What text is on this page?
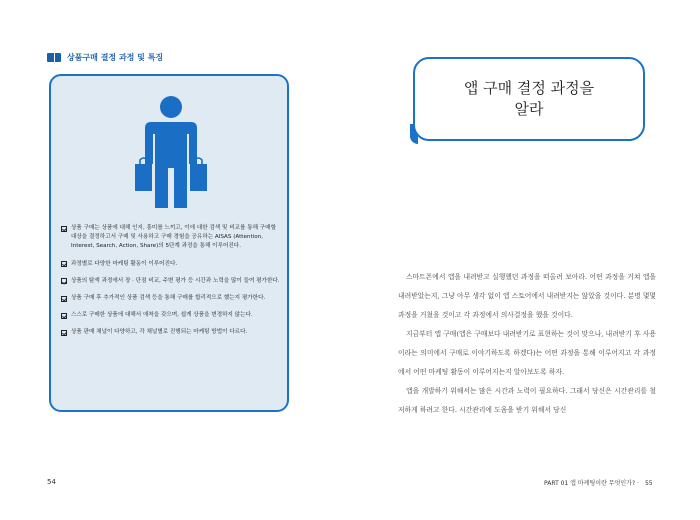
상품구매 결정 과정 및 특징
상품 구매는 상품에 대해 인지, 흥미를 느끼고, 이에 대한 검색 및 비교를 통해 구매할 대상을 결정하고서 구매 및 사용하고 구매 경험을 공유하는 AISAS (Attention, Interest, Search, Action, Share)의 5단계 과정을 통해 이루어진다.
과정별로 다양한 마케팅 활동이 이루어진다.
상품의 탐색 과정에서 장 · 단점 비교, 주변 평가 등 시간과 노력을 많이 들여 평가한다.
상품 구매 후 추가적인 상품 검색 등을 통해 구매를 합리적으로 했는지 평가한다.
스스로 구매한 상품에 대해서 애착을 갖으며, 쉽게 상품을 변경하지 않는다.
상품 판매 채널이 다양하고, 각 채널별로 진행되는 마케팅 방법이 다르다.
54
앱 구매 결정 과정을
알라

스마트폰에서 앱을 내려받고 실행했던 과정을 떠올려 보아라. 어떤 과정을 거쳐 앱을 내려받았는지, 그냥 아무 생각 없이 앱 스토어에서 내려받지는 않았을 것이다. 분명 몇몇 과정을 거쳤을 것이고 각 과정에서 의사결정을 했을 것이다.

지금부터 앱 구매(앱은 구매보다 내려받기로 표현하는 것이 맞으나, 내려받기 후 사용이라는 의미에서 구매로 이야기하도록 하겠다)는 어떤 과정을 통해 이루어지고 각 과정에서 어떤 마케팅 활동이 이루어지는지 알아보도록 하자.

앱을 개발하기 위해서는 많은 시간과 노력이 필요하다. 그래서 당신은 시간관리를 철저하게 하려고 한다. 시간관리에 도움을 받기 위해서 당신

PART 01 앱 마케팅이란 무엇인가? · 55
